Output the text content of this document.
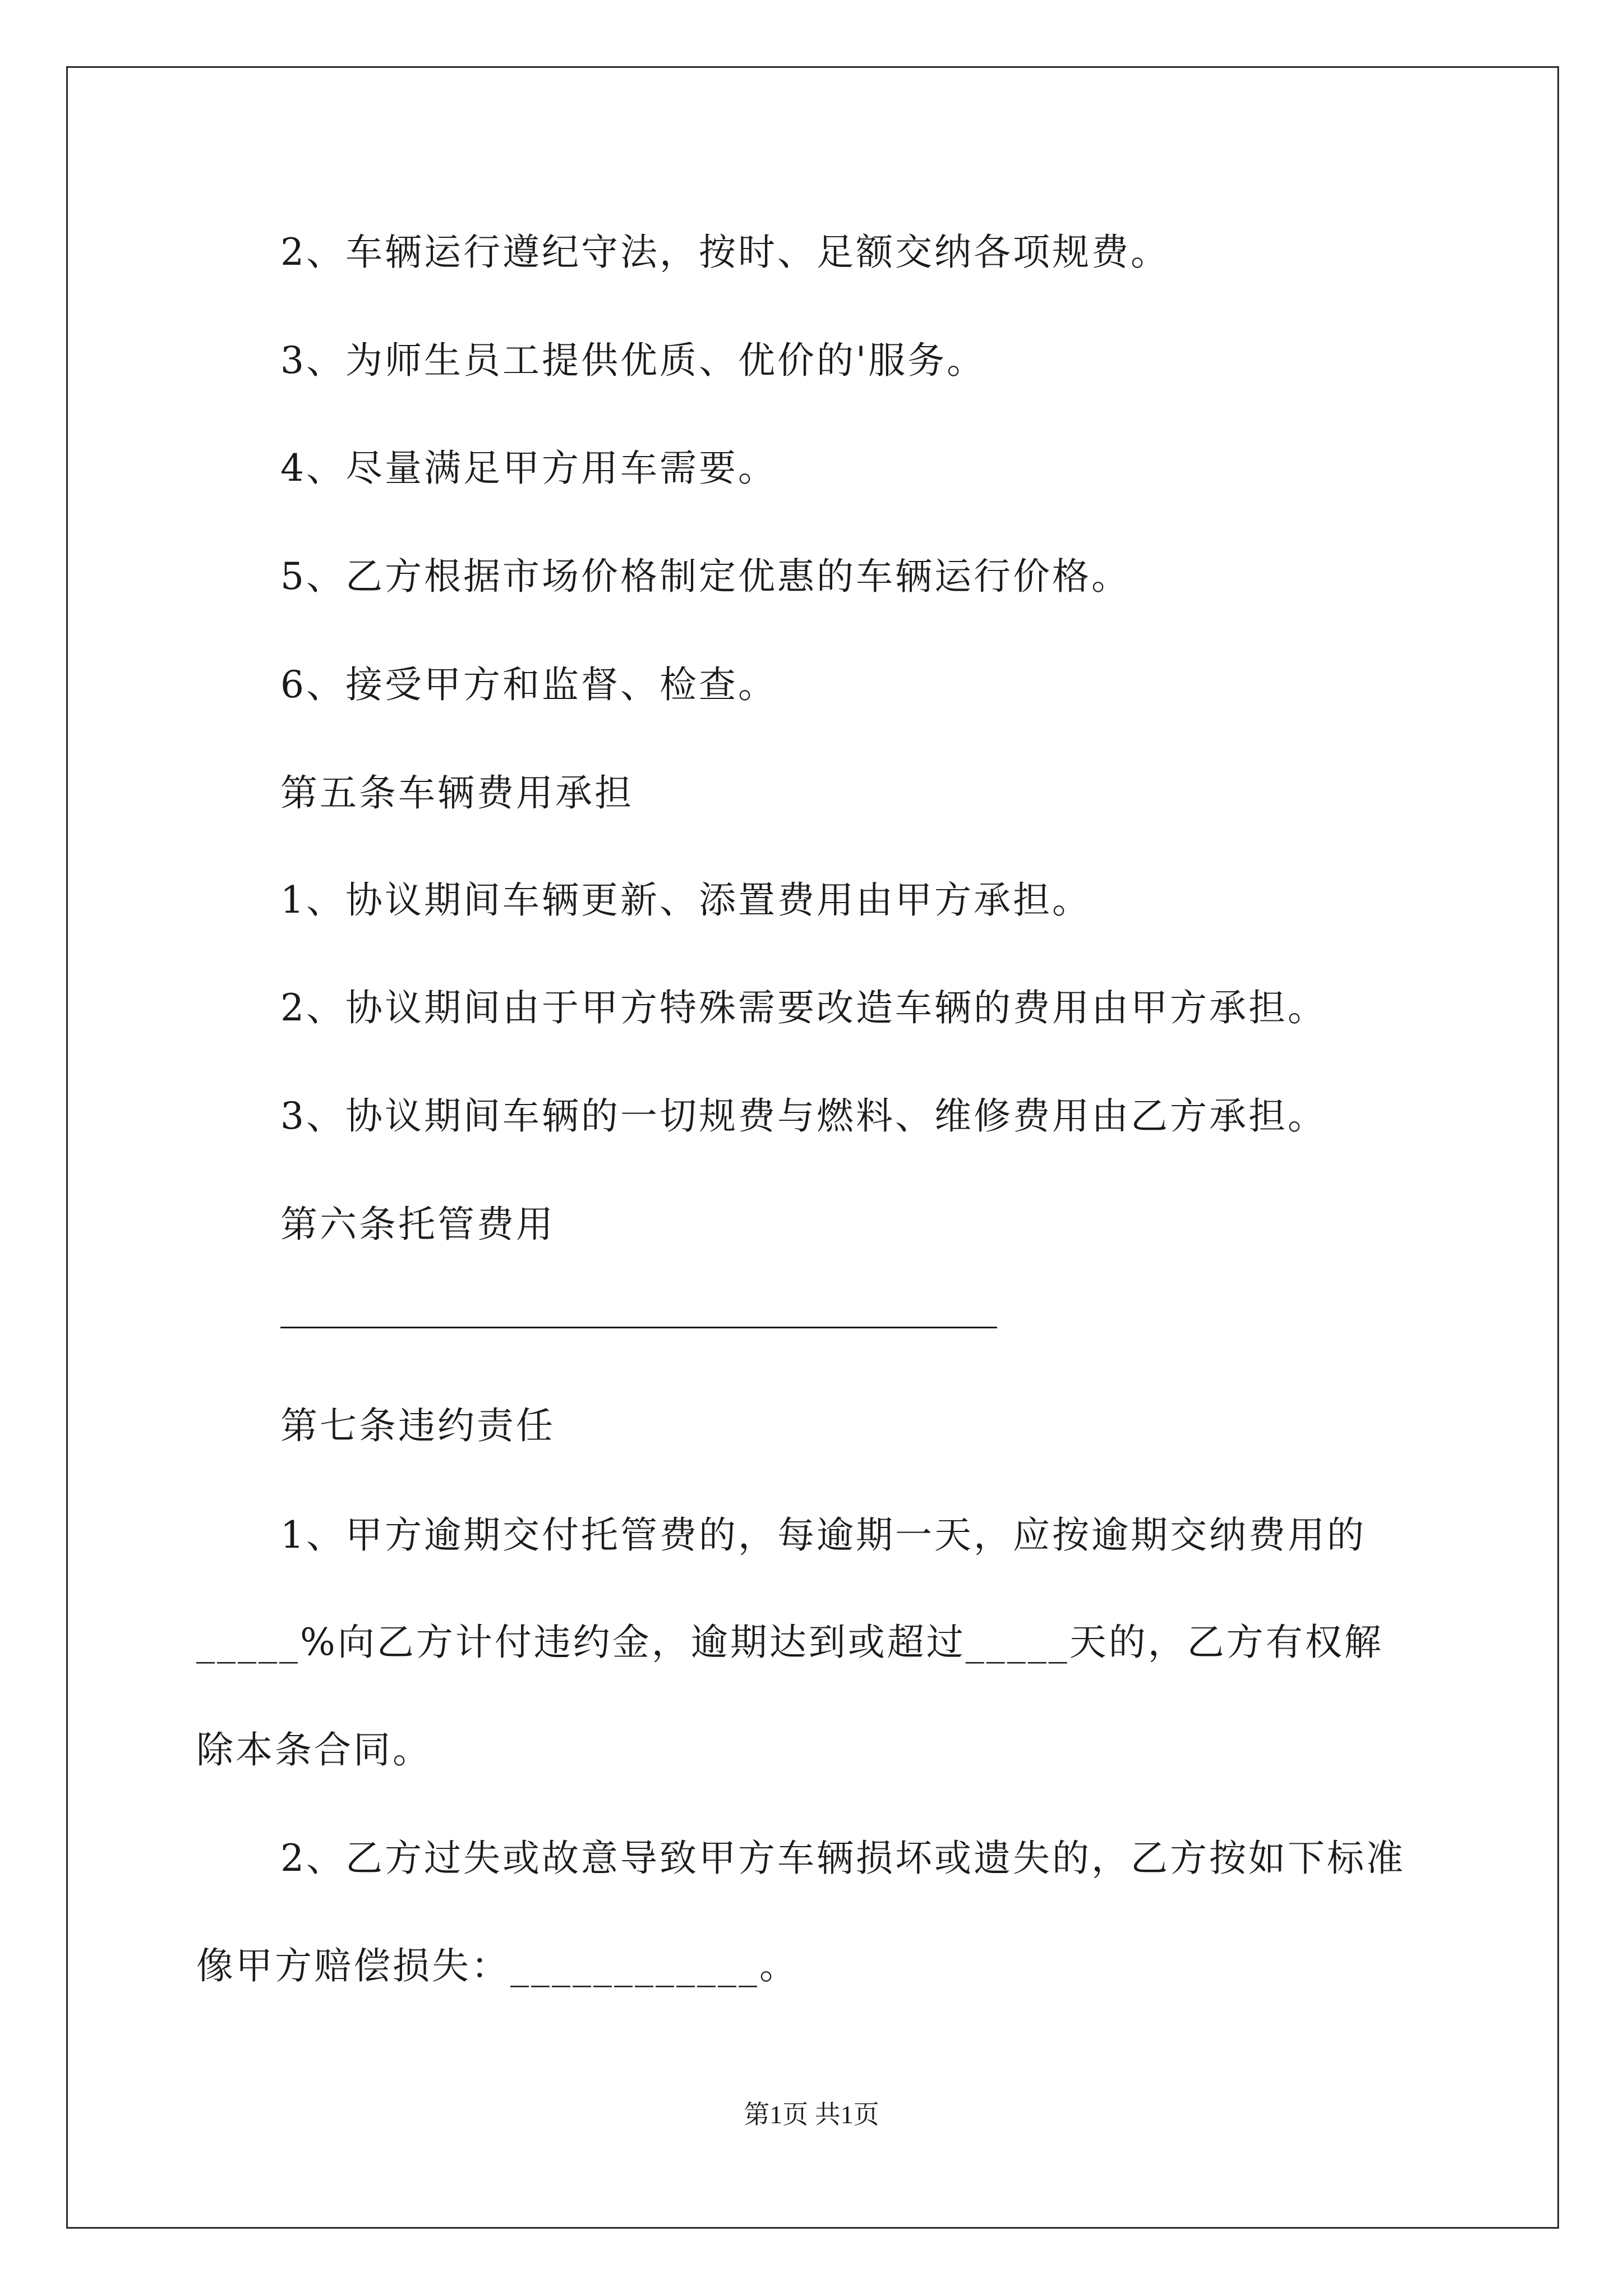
2、车辆运行遵纪守法，按时、足额交纳各项规费。
3、为师生员工提供优质、优价的'服务。
4、尽量满足甲方用车需要。
5、乙方根据市场价格制定优惠的车辆运行价格。
6、接受甲方和监督、检查。
第五条车辆费用承担
1、协议期间车辆更新、添置费用由甲方承担。
2、协议期间由于甲方特殊需要改造车辆的费用由甲方承担。
3、协议期间车辆的一切规费与燃料、维修费用由乙方承担。
第六条托管费用
第七条违约责任
1、甲方逾期交付托管费的，每逾期一天，应按逾期交纳费用的
_____%向乙方计付违约金，逾期达到或超过_____天的，乙方有权解
除本条合同。
2、乙方过失或故意导致甲方车辆损坏或遗失的，乙方按如下标准
像甲方赔偿损失：____________。
第1页 共1页
